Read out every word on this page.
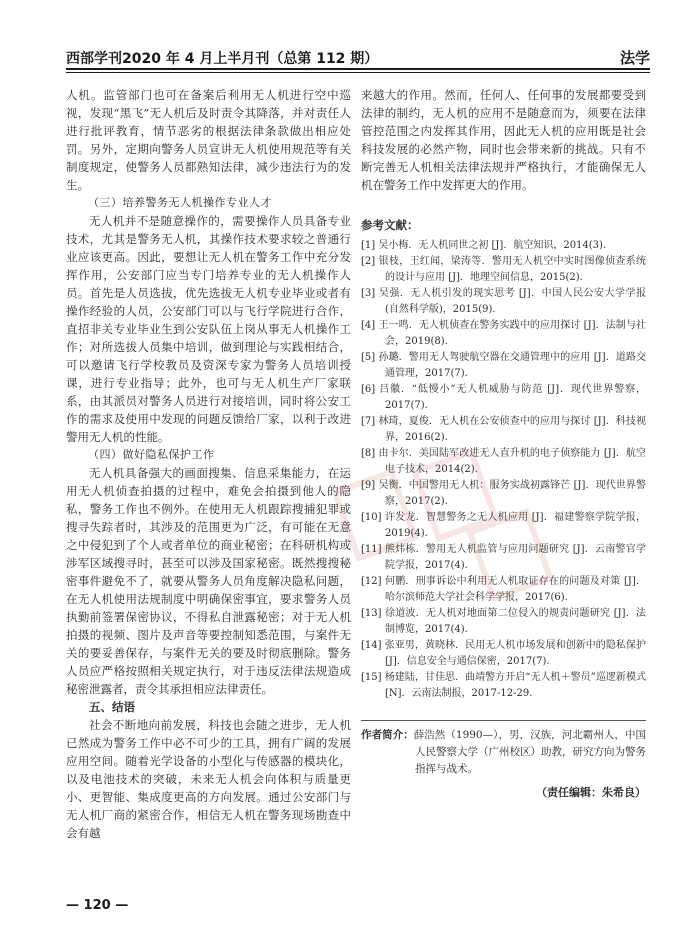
西部学刊2020 年 4 月上半月刊（总第 112 期）	法学

人机。监管部门也可在备案后利用无人机进行空中巡视，发现“黑飞”无人机后及时责令其降落，并对责任人进行批评教育，情节恶劣的根据法律条款做出相应处罚。另外，定期向警务人员宣讲无人机使用规范等有关制度规定，使警务人员都熟知法律，减少违法行为的发生。

（三）培养警务无人机操作专业人才

无人机并不是随意操作的，需要操作人员具备专业技术，尤其是警务无人机，其操作技术要求较之普通行业应该更高。因此，要想让无人机在警务工作中充分发挥作用，公安部门应当专门培养专业的无人机操作人员。首先是人员选拔，优先选拔无人机专业毕业或者有操作经验的人员，公安部门可以与飞行学院进行合作，直招非关专业毕业生到公安队伍上岗从事无人机操作工作；对所选拔人员集中培训，做到理论与实践相结合，可以邀请飞行学校教员及资深专家为警务人员培训授课，进行专业指导；此外，也可与无人机生产厂家联系，由其派员对警务人员进行对接培训，同时将公安工作的需求及使用中发现的问题反馈给厂家，以利于改进警用无人机的性能。

（四）做好隐私保护工作

无人机具备强大的画面搜集、信息采集能力，在运用无人机侦查拍摄的过程中，难免会拍摄到他人的隐私，警务工作也不例外。在使用无人机跟踪搜捕犯罪或搜寻失踪者时，其涉及的范围更为广泛，有可能在无意之中侵犯到了个人或者单位的商业秘密；在科研机构或涉军区域搜寻时，甚至可以涉及国家秘密。既然搜搜秘密事件避免不了，就要从警务人员角度解决隐私问题，在无人机使用法规制度中明确保密事宜，要求警务人员执勤前签署保密协议，不得私自泄露秘密；对于无人机拍摄的视频、图片及声音等要控制知悉范围，与案件无关的要妥善保存，与案件无关的要及时彻底删除。警务人员应严格按照相关规定执行，对于违反法律法规造成秘密泄露者，责令其承担相应法律责任。

五、结语

社会不断地向前发展，科技也会随之进步，无人机已然成为警务工作中必不可少的工具，拥有广阔的发展应用空间。随着光学设备的小型化与传感器的模块化，以及电池技术的突破，未来无人机会向体积与质量更小、更智能、集成度更高的方向发展。通过公安部门与无人机厂商的紧密合作，相信无人机在警务现场勘查中会有越

来越大的作用。然而，任何人、任何事的发展都要受到法律的制约，无人机的应用不是随意而为，须要在法律管控范围之内发挥其作用，因此无人机的应用既是社会科技发展的必然产物，同时也会带来新的挑战。只有不断完善无人机相关法律法规并严格执行，才能确保无人机在警务工作中发挥更大的作用。

参考文献：
[1] 吴小梅．无人机同世之初 [J]．航空知识，2014(3).
[2] 银枝，王红闻，梁涛等．警用无人机空中实时图像侦查系统的设计与应用 [J]．地理空间信息，2015(2).
[3] 吴强．无人机引发的现实思考 [J]．中国人民公安大学学报(自然科学版)，2015(9).
[4] 王一鸣．无人机侦查在警务实践中的应用探讨 [J]．法制与社会，2019(8).
[5] 孙璐．警用无人驾驶航空器在交通管理中的应用 [J]．道路交通管理，2017(7).
[6] 吕徽．“低慢小”无人机威胁与防范 [J]．现代世界警察，2017(7).
[7] 林琦，夏俊．无人机在公安侦查中的应用与探讨 [J]．科技视界，2016(2).
[8] 由卡尔．美国陆军改进无人直升机的电子侦察能力 [J]．航空电子技术，2014(2).
[9] 吴衡．中国警用无人机：服务实战初露锋芒 [J]．现代世界警察，2017(2).
[10] 许发龙．智慧警务之无人机应用 [J]．福建警察学院学报，2019(4).
[11] 熊炜栋．警用无人机监管与应用问题研究 [J]．云南警官学院学报，2017(4).
[12] 何鹏．刑事诉讼中利用无人机取证存在的问题及对策 [J]．哈尔滨师范大学社会科学学报，2017(6).
[13] 徐道波．无人机对地面第二位侵入的规责问题研究 [J]．法制博览，2017(4).
[14] 张亚男，黄晓林．民用无人机市场发展和创新中的隐私保护 [J]．信息安全与通信保密，2017(7).
[15] 杨建陆，甘佳思．曲靖警方开启“无人机＋警员”巡逻新模式 [N]．云南法制报，2017-12-29.
作者简介：薛浩然（1990—），男，汉族，河北霸州人，中国人民警察大学（广州校区）助教，研究方向为警务指挥与战术。
（责任编辑：朱希良）
— 120 —
